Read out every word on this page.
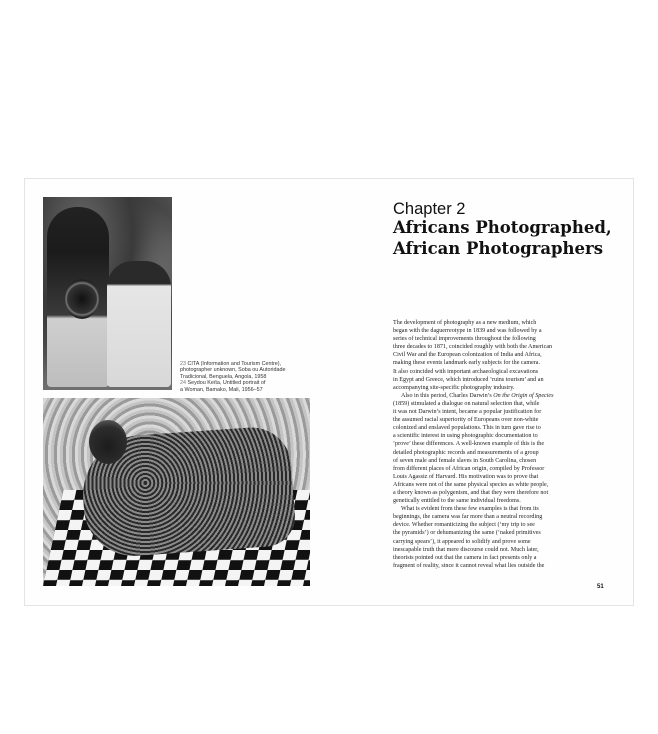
23 CITA (Information and Tourism Centre),

photographer unknown, Soba ou Autoridade

Tradicional, Benguela, Angola, 1958

24 Seydou Keïta, Untitled portrait of

a Woman, Bamako, Mali, 1956–57

Chapter 2
Africans Photographed,
African Photographers
The development of photography as a new medium, which
began with the daguerreotype in 1839 and was followed by a
series of technical improvements throughout the following
three decades to 1871, coincided roughly with both the American
Civil War and the European colonization of India and Africa,
making these events landmark early subjects for the camera.
It also coincided with important archaeological excavations
in Egypt and Greece, which introduced ‘ruins tourism’ and an
accompanying site-specific photography industry.
Also in this period, Charles Darwin’s On the Origin of Species
(1859) stimulated a dialogue on natural selection that, while
it was not Darwin’s intent, became a popular justification for
the assumed racial superiority of Europeans over non-white
colonized and enslaved populations. This in turn gave rise to
a scientific interest in using photographic documentation to
‘prove’ these differences. A well-known example of this is the
detailed photographic records and measurements of a group
of seven male and female slaves in South Carolina, chosen
from different places of African origin, compiled by Professor
Louis Agassiz of Harvard. His motivation was to prove that
Africans were not of the same physical species as white people,
a theory known as polygenism, and that they were therefore not
genetically entitled to the same individual freedoms.
What is evident from these few examples is that from its
beginnings, the camera was far more than a neutral recording
device. Whether romanticizing the subject (‘my trip to see
the pyramids’) or dehumanizing the same (‘naked primitives
carrying spears’), it appeared to solidify and prove some
inescapable truth that mere discourse could not. Much later,
theorists pointed out that the camera in fact presents only a
fragment of reality, since it cannot reveal what lies outside the
51
